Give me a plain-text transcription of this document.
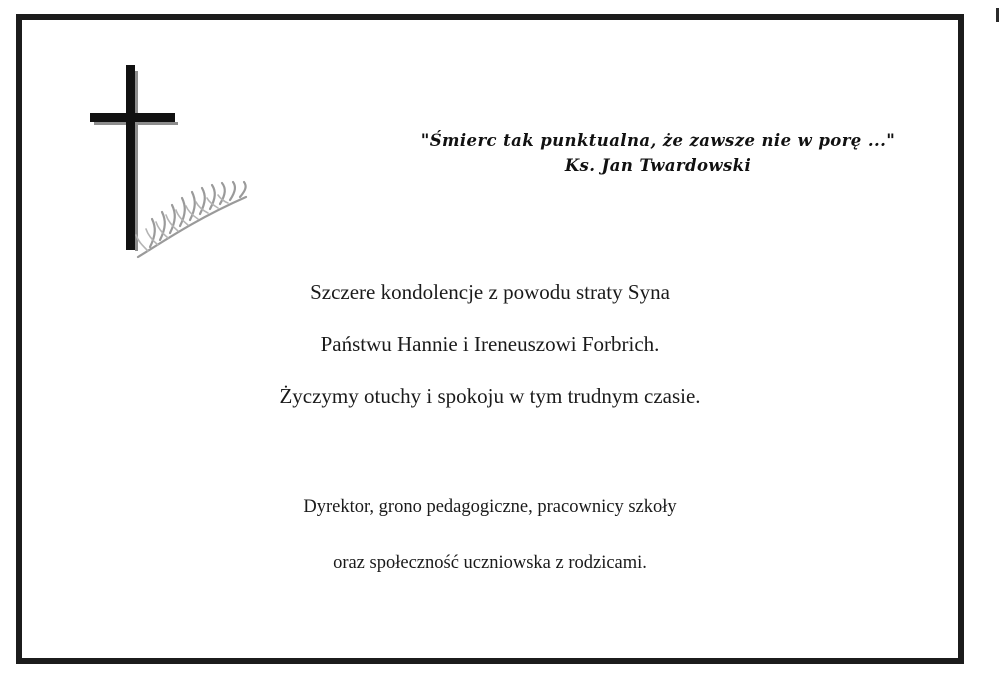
"Śmierc tak punktualna, że zawsze nie w porę ..."
Ks. Jan Twardowski
Szczere kondolencje z powodu straty Syna
Państwu Hannie i Ireneuszowi Forbrich.
Życzymy otuchy i spokoju w tym trudnym czasie.
Dyrektor, grono pedagogiczne, pracownicy szkoły
oraz społeczność uczniowska z rodzicami.
